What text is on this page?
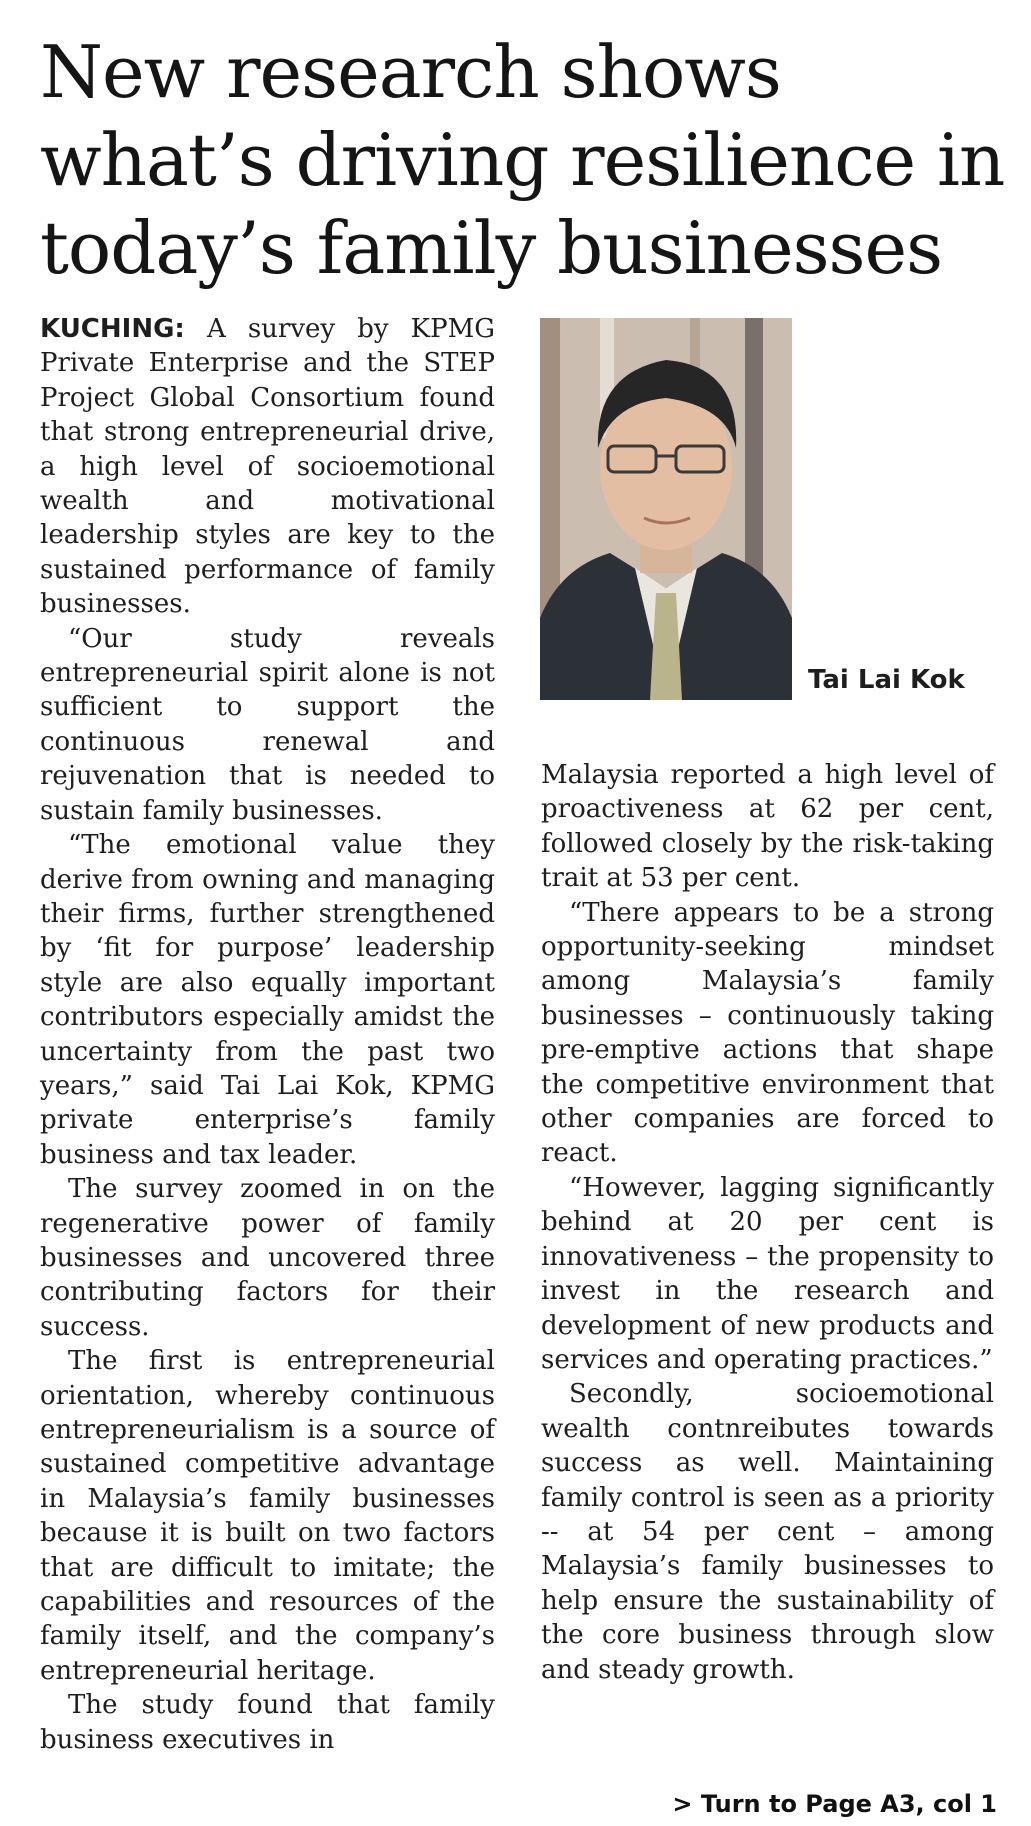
New research shows what’s driving resilience in today’s family businesses

KUCHING: A survey by KPMG Private Enterprise and the STEP Project Global Consortium found that strong entrepreneurial drive, a high level of socioemotional wealth and motivational leadership styles are key to the sustained performance of family businesses.

“Our study reveals entrepreneurial spirit alone is not sufficient to support the continuous renewal and rejuvenation that is needed to sustain family businesses.

“The emotional value they derive from owning and managing their firms, further strengthened by ‘fit for purpose’ leadership style are also equally important contributors especially amidst the uncertainty from the past two years,” said Tai Lai Kok, KPMG private enterprise’s family business and tax leader.

The survey zoomed in on the regenerative power of family businesses and uncovered three contributing factors for their success.

The first is entrepreneurial orientation, whereby continuous entrepreneurialism is a source of sustained competitive advantage in Malaysia’s family businesses because it is built on two factors that are difficult to imitate; the capabilities and resources of the family itself, and the company’s entrepreneurial heritage.

The study found that family business executives in

Tai Lai Kok

Malaysia reported a high level of proactiveness at 62 per cent, followed closely by the risk-taking trait at 53 per cent.

“There appears to be a strong opportunity-seeking mindset among Malaysia’s family businesses – continuously taking pre-emptive actions that shape the competitive environment that other companies are forced to react.

“However, lagging significantly behind at 20 per cent is innovativeness – the propensity to invest in the research and development of new products and services and operating practices.”

Secondly, socioemotional wealth contnreibutes towards success as well. Maintaining family control is seen as a priority -- at 54 per cent – among Malaysia’s family businesses to help ensure the sustainability of the core business through slow and steady growth.

> Turn to Page A3, col 1
